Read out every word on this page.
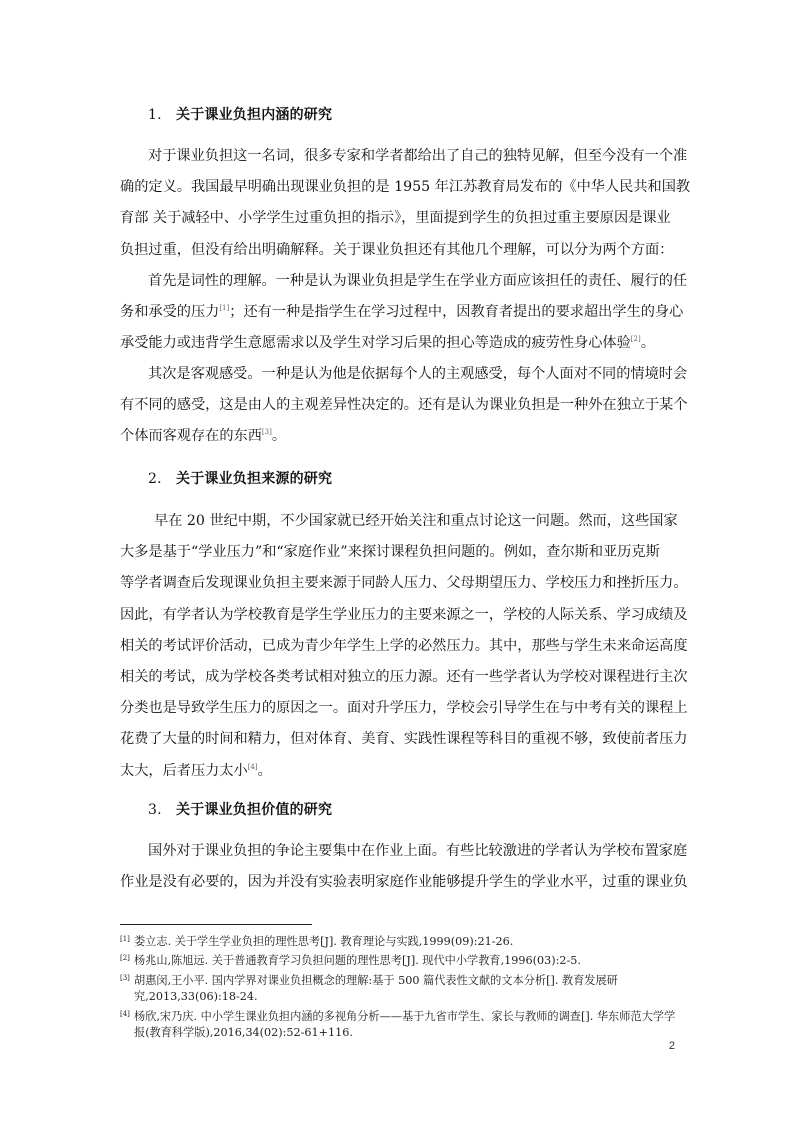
1. 关于课业负担内涵的研究
对于课业负担这一名词，很多专家和学者都给出了自己的独特见解，但至今没有一个准
确的定义。我国最早明确出现课业负担的是 1955 年江苏教育局发布的《中华人民共和国教
育部 关于减轻中、小学学生过重负担的指示》，里面提到学生的负担过重主要原因是课业
负担过重，但没有给出明确解释。关于课业负担还有其他几个理解，可以分为两个方面：
首先是词性的理解。一种是认为课业负担是学生在学业方面应该担任的责任、履行的任
务和承受的压力[1]；还有一种是指学生在学习过程中，因教育者提出的要求超出学生的身心
承受能力或违背学生意愿需求以及学生对学习后果的担心等造成的疲劳性身心体验[2]。
其次是客观感受。一种是认为他是依据每个人的主观感受，每个人面对不同的情境时会
有不同的感受，这是由人的主观差异性决定的。还有是认为课业负担是一种外在独立于某个
个体而客观存在的东西[3]。
2. 关于课业负担来源的研究
早在 20 世纪中期，不少国家就已经开始关注和重点讨论这一问题。然而，这些国家
大多是基于“学业压力”和“家庭作业”来探讨课程负担问题的。例如，查尔斯和亚历克斯
等学者调查后发现课业负担主要来源于同龄人压力、父母期望压力、学校压力和挫折压力。
因此，有学者认为学校教育是学生学业压力的主要来源之一，学校的人际关系、学习成绩及
相关的考试评价活动，已成为青少年学生上学的必然压力。其中，那些与学生未来命运高度
相关的考试，成为学校各类考试相对独立的压力源。还有一些学者认为学校对课程进行主次
分类也是导致学生压力的原因之一。面对升学压力，学校会引导学生在与中考有关的课程上
花费了大量的时间和精力，但对体育、美育、实践性课程等科目的重视不够，致使前者压力
太大，后者压力太小[4]。
3. 关于课业负担价值的研究
国外对于课业负担的争论主要集中在作业上面。有些比较激进的学者认为学校布置家庭
作业是没有必要的，因为并没有实验表明家庭作业能够提升学生的学业水平，过重的课业负
[1] 娄立志. 关于学生学业负担的理性思考[J]. 教育理论与实践,1999(09):21-26.
[2] 杨兆山,陈旭远. 关于普通教育学习负担问题的理性思考[J]. 现代中小学教育,1996(03):2-5.
[3] 胡惠闵,王小平. 国内学界对课业负担概念的理解:基于 500 篇代表性文献的文本分析[]. 教育发展研究,2013,33(06):18-24.
[4] 杨欣,宋乃庆. 中小学生课业负担内涵的多视角分析——基于九省市学生、家长与教师的调查[]. 华东师范大学学报(教育科学版),2016,34(02):52-61+116.
2
